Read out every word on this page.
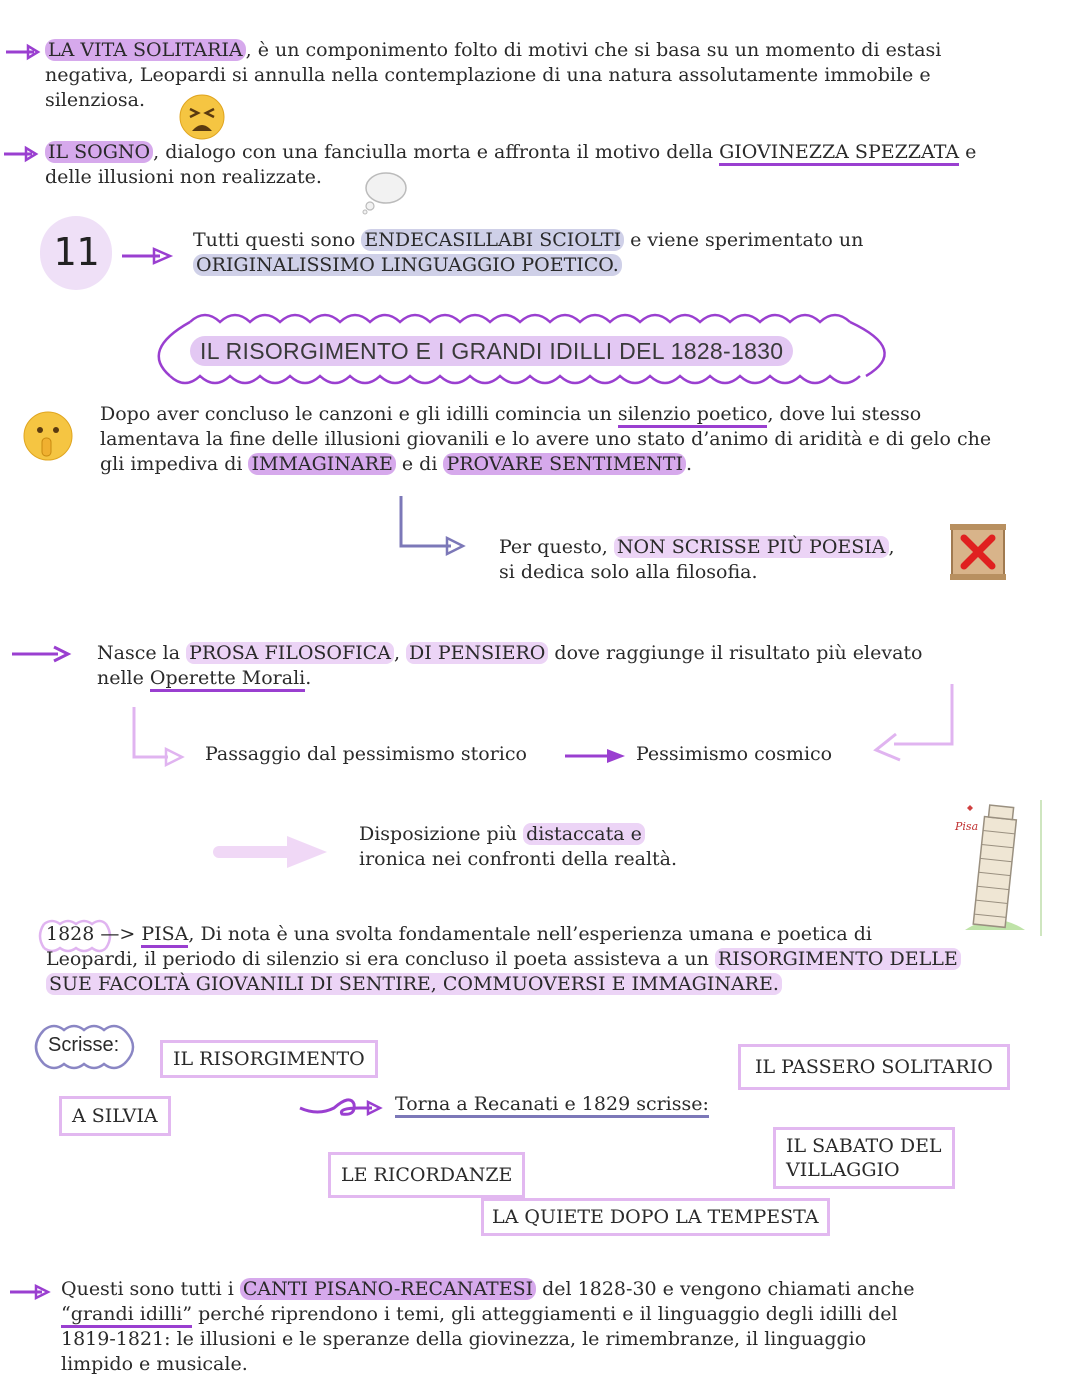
LA VITA SOLITARIA , è un componimento folto di motivi che si basa su un momento di estasi
negativa, Leopardi si annulla nella contemplazione di una natura assolutamente immobile e
silenziosa.
IL SOGNO , dialogo con una fanciulla morta e affronta il motivo della GIOVINEZZA SPEZZATA e
delle illusioni non realizzate.
11	Tutti questi sono ENDECASILLABI SCIOLTI e viene sperimentato un
ORIGINALISSIMO LINGUAGGIO POETICO.
IL RISORGIMENTO E I GRANDI IDILLI DEL 1828-1830
Dopo aver concluso le canzoni e gli idilli comincia un silenzio poetico, dove lui stesso
lamentava la fine delle illusioni giovanili e lo avere uno stato d’animo di aridità e di gelo che
gli impediva di IMMAGINARE e di PROVARE SENTIMENTI .
Per questo, NON SCRISSE PIÙ POESIA ,
si dedica solo alla filosofia.
Nasce la PROSA FILOSOFICA , DI PENSIERO dove raggiunge il risultato più elevato
nelle Operette Morali.
Passaggio dal pessimismo storico	Pessimismo cosmico
Disposizione più distaccata e
ironica nei confronti della realtà.
Pisa
1828 —> PISA, Di nota è una svolta fondamentale nell’esperienza umana e poetica di
Leopardi, il periodo di silenzio si era concluso il poeta assisteva a un RISORGIMENTO DELLE
SUE FACOLTÀ GIOVANILI DI SENTIRE, COMMUOVERSI E IMMAGINARE.
Scrisse:
IL RISORGIMENTO	IL PASSERO SOLITARIO
A SILVIA
Torna a Recanati e 1829 scrisse:
IL SABATO DEL
VILLAGGIO
LE RICORDANZE
LA QUIETE DOPO LA TEMPESTA
Questi sono tutti i CANTI PISANO-RECANATESI del 1828-30 e vengono chiamati anche
“grandi idilli” perché riprendono i temi, gli atteggiamenti e il linguaggio degli idilli del
1819-1821: le illusioni e le speranze della giovinezza, le rimembranze, il linguaggio
limpido e musicale.
